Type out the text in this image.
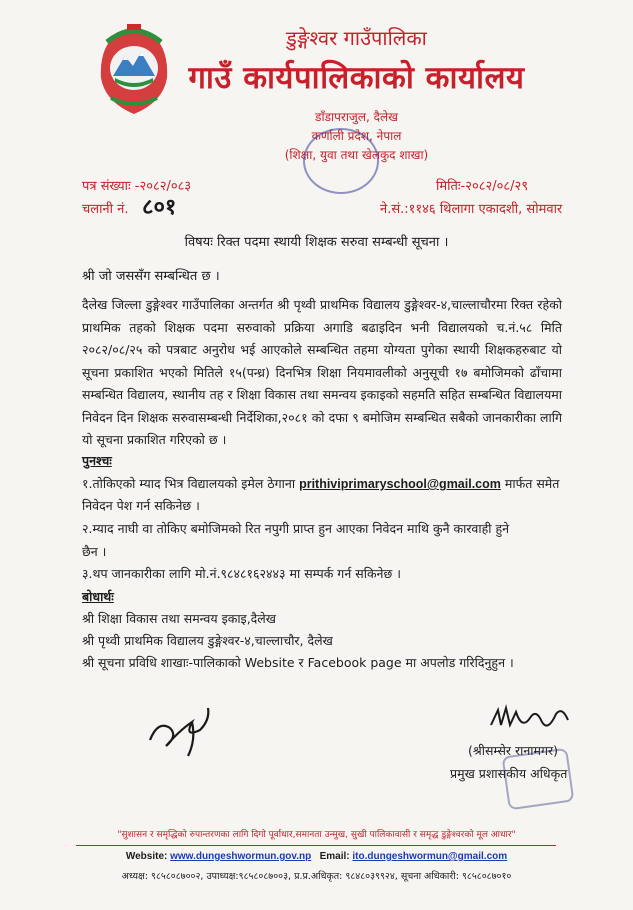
डुङ्गेश्वर गाउँपालिका
गाउँ कार्यपालिकाको कार्यालय
डाँडापराजुल, दैलेख
कर्णाली प्रदेश, नेपाल
(शिक्षा, युवा तथा खेलकुद शाखा)
पत्र संख्याः -२०८२/०८३
चलानी नं. ८०१
मितिः-२०८२/०८/२९
ने.सं.:११४६ थिलागा एकादशी, सोमवार
विषयः रिक्त पदमा स्थायी शिक्षक सरुवा सम्बन्धी सूचना ।
श्री जो जससँग सम्बन्धित छ ।
दैलेख जिल्ला डुङ्गेश्वर गाउँपालिका अन्तर्गत श्री पृथ्वी प्राथमिक विद्यालय डुङ्गेश्वर-४,चाल्लाचौरमा रिक्त रहेको प्राथमिक तहको शिक्षक पदमा सरुवाको प्रक्रिया अगाडि बढाइदिन भनी विद्यालयको च.नं.५८ मिति २०८२/०८/२५ को पत्रबाट अनुरोध भई आएकोले सम्बन्धित तहमा योग्यता पुगेका स्थायी शिक्षकहरुबाट यो सूचना प्रकाशित भएको मितिले १५(पन्ध्र) दिनभित्र शिक्षा नियमावलीको अनुसूची १७ बमोजिमको ढाँचामा सम्बन्धित विद्यालय, स्थानीय तह र शिक्षा विकास तथा समन्वय इकाइको सहमति सहित सम्बन्धित विद्यालयमा निवेदन दिन शिक्षक सरुवासम्बन्धी निर्देशिका,२०८१ को दफा ९ बमोजिम सम्बन्धित सबैको जानकारीका लागि यो सूचना प्रकाशित गरिएको छ ।
पुनश्चः
१.तोकिएको म्याद भित्र विद्यालयको इमेल ठेगाना prithiviprimaryschool@gmail.com मार्फत समेत
निवेदन पेश गर्न सकिनेछ ।
२.म्याद नाघी वा तोकिए बमोजिमको रित नपुगी प्राप्त हुन आएका निवेदन माथि कुनै कारवाही हुने
छैन ।
३.थप जानकारीका लागि मो.नं.९८४८१६२४४३ मा सम्पर्क गर्न सकिनेछ ।
बोधार्थः
श्री शिक्षा विकास तथा समन्वय इकाइ,दैलेख
श्री पृथ्वी प्राथमिक विद्यालय डुङ्गेश्वर-४,चाल्लाचौर, दैलेख
श्री सूचना प्रविधि शाखाः-पालिकाको Website र Facebook page मा अपलोड गरिदिनुहुन ।
(श्रीसम्सेर रानामगर)
प्रमुख प्रशासकीय अधिकृत
"सुशासन र समृद्धिको रुपान्तरणका लागि दिगो पूर्वाधार,समानता उन्मुख, सुखी पालिकावासी र समृद्ध डुङ्गेश्वरको मूल आधार"
Website: www.dungeshwormun.gov.np Email: ito.dungeshwormun@gmail.com
अध्यक्ष: ९८५८०८७००२, उपाध्यक्ष:९८५८०८७००३, प्र.प्र.अधिकृत: ९८४८०३९९२४, सूचना अधिकारी: ९८५८०८७०१०
